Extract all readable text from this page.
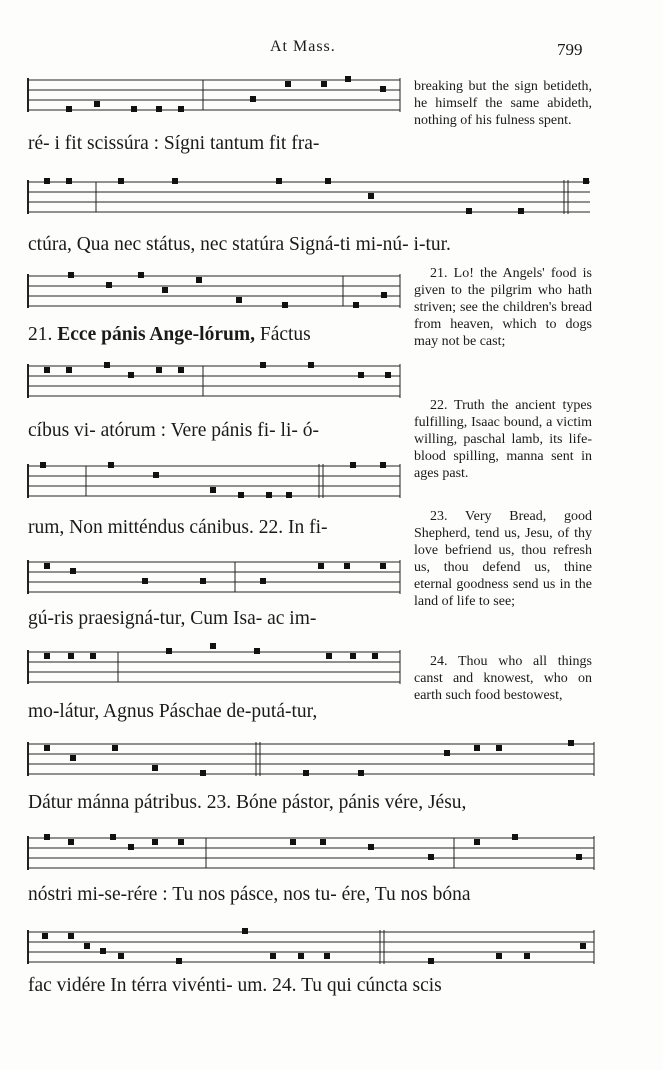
At Mass.	799
ré- i fit scissúra : Sígni tantum fit fra-
ctúra, Qua nec státus, nec statúra Signá-ti mi-nú- i-tur.
21. Ecce pánis Ange-lórum, Fáctus
cíbus vi- atórum : Vere pánis fi- li- ó-
rum, Non mitténdus cánibus. 22. In fi-
gú-ris praesigná-tur, Cum Isa- ac im-
mo-látur, Agnus Páschae de-putá-tur,
Dátur mánna pátribus. 23. Bóne pástor, pánis vére, Jésu,
nóstri mi-se-rére : Tu nos pásce, nos tu- ére, Tu nos bóna
fac vidére In térra vivénti- um. 24. Tu qui cúncta scis
breaking but the sign betideth, he himself the same abideth, nothing of his fulness spent.
21. Lo! the Angels' food is given to the pilgrim who hath striven; see the children's bread from heaven, which to dogs may not be cast;
22. Truth the ancient types fulfilling, Isaac bound, a victim willing, paschal lamb, its life-blood spilling, manna sent in ages past.
23. Very Bread, good Shepherd, tend us, Jesu, of thy love befriend us, thou refresh us, thou defend us, thine eternal goodness send us in the land of life to see;
24. Thou who all things canst and knowest, who on earth such food bestowest,
